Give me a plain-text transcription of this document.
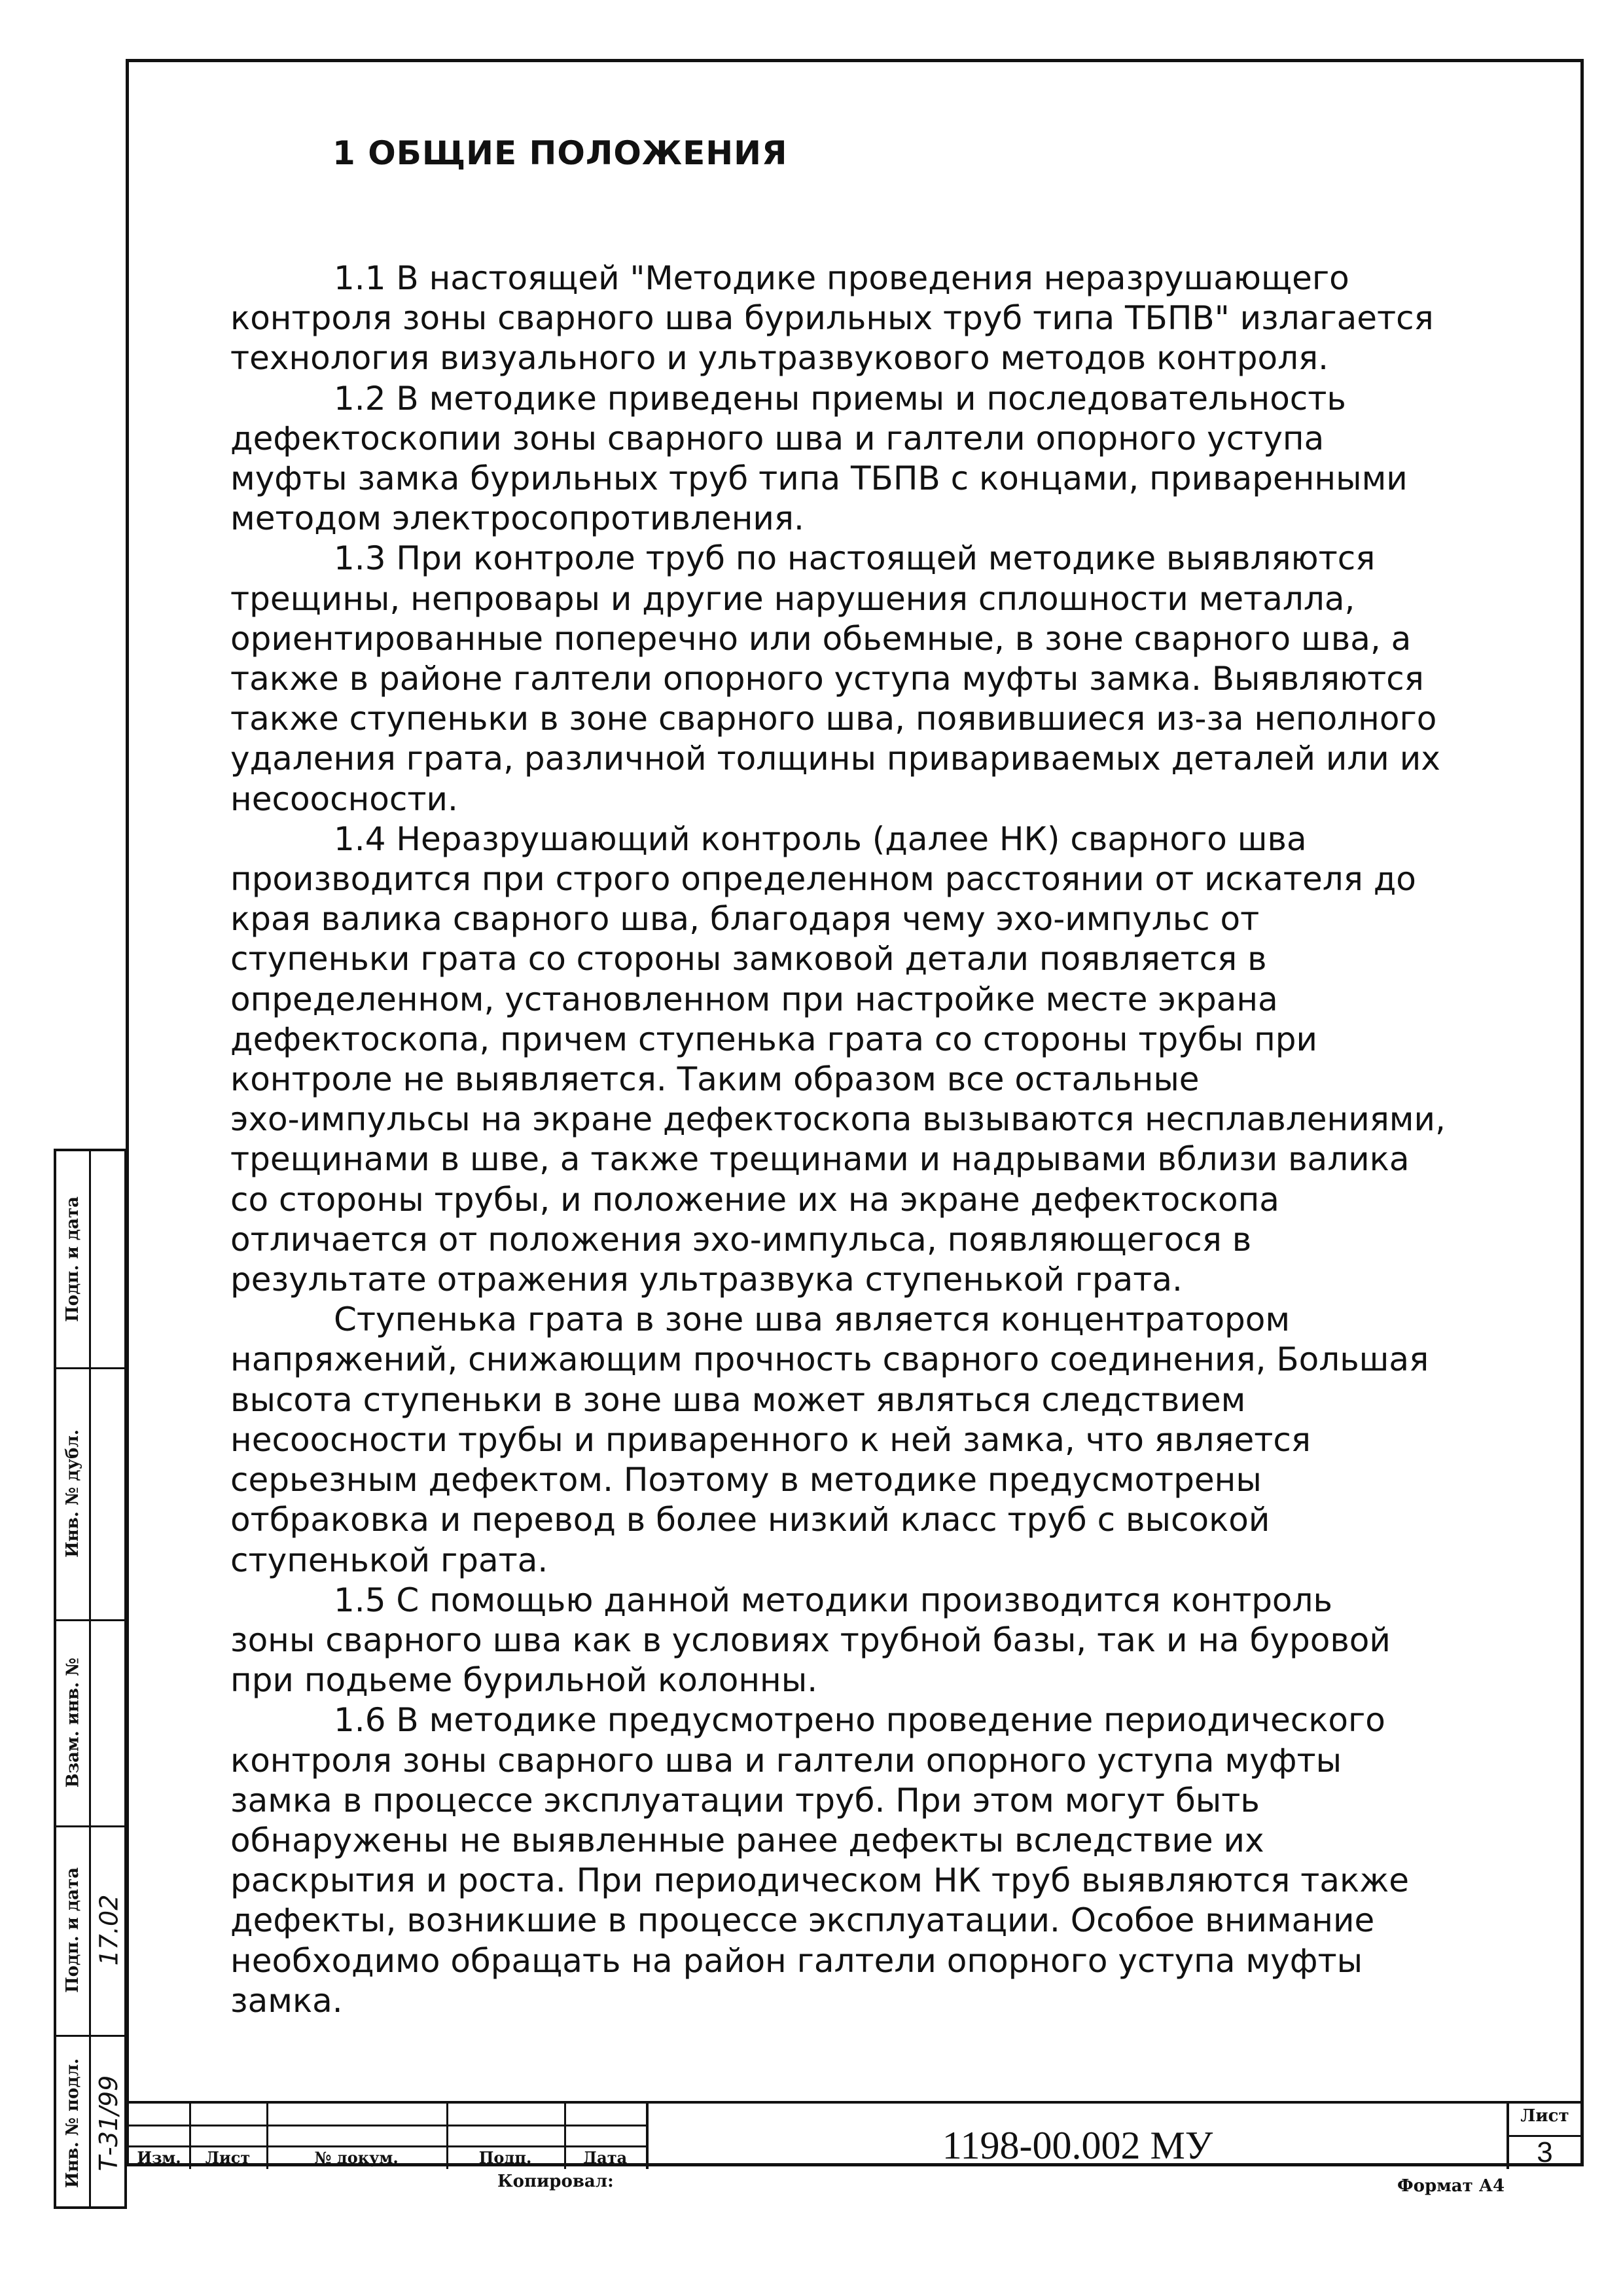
1 ОБЩИЕ ПОЛОЖЕНИЯ

1.1 В настоящей "Методике проведения неразрушающего
контроля зоны сварного шва бурильных труб типа ТБПВ" излагается
технология визуального и ультразвукового методов контроля.

1.2 В методике приведены приемы и последовательность
дефектоскопии зоны сварного шва и галтели опорного уступа
муфты замка бурильных труб типа ТБПВ с концами, приваренными
методом электросопротивления.

1.3 При контроле труб по настоящей методике выявляются
трещины, непровары и другие нарушения сплошности металла,
ориентированные поперечно или обьемные, в зоне сварного шва, а
также в районе галтели опорного уступа муфты замка. Выявляются
также ступеньки в зоне сварного шва, появившиеся из-за неполного
удаления грата, различной толщины привариваемых деталей или их
несоосности.

1.4 Неразрушающий контроль (далее НК) сварного шва
производится при строго определенном расстоянии от искателя до
края валика сварного шва, благодаря чему эхо-импульс от
ступеньки грата со стороны замковой детали появляется в
определенном, установленном при настройке месте экрана
дефектоскопа, причем ступенька грата со стороны трубы при
контроле не выявляется. Таким образом все остальные
эхо-импульсы на экране дефектоскопа вызываются несплавлениями,
трещинами в шве, а также трещинами и надрывами вблизи валика
со стороны трубы, и положение их на экране дефектоскопа
отличается от положения эхо-импульса, появляющегося в
результате отражения ультразвука ступенькой грата.

Ступенька грата в зоне шва является концентратором
напряжений, снижающим прочность сварного соединения, Большая
высота ступеньки в зоне шва может являться следствием
несоосности трубы и приваренного к ней замка, что является
серьезным дефектом. Поэтому в методике предусмотрены
отбраковка и перевод в более низкий класс труб с высокой
ступенькой грата.

1.5 С помощью данной методики производится контроль
зоны сварного шва как в условиях трубной базы, так и на буровой
при подьеме бурильной колонны.

1.6 В методике предусмотрено проведение периодического
контроля зоны сварного шва и галтели опорного уступа муфты
замка в процессе эксплуатации труб. При этом могут быть
обнаружены не выявленные ранее дефекты вследствие их
раскрытия и роста. При периодическом НК труб выявляются также
дефекты, возникшие в процессе эксплуатации. Особое внимание
необходимо обращать на район галтели опорного уступа муфты
замка.

Инв. № подл.
Подп. и дата
Взам. инв. №
Инв. № дубл.
Подп. и дата
Т-31/99
17.02
Изм.	Лист	№ докум.	Подп.	Дата	1198-00.002 МУ
Лист
3
Копировал:	Формат А4
